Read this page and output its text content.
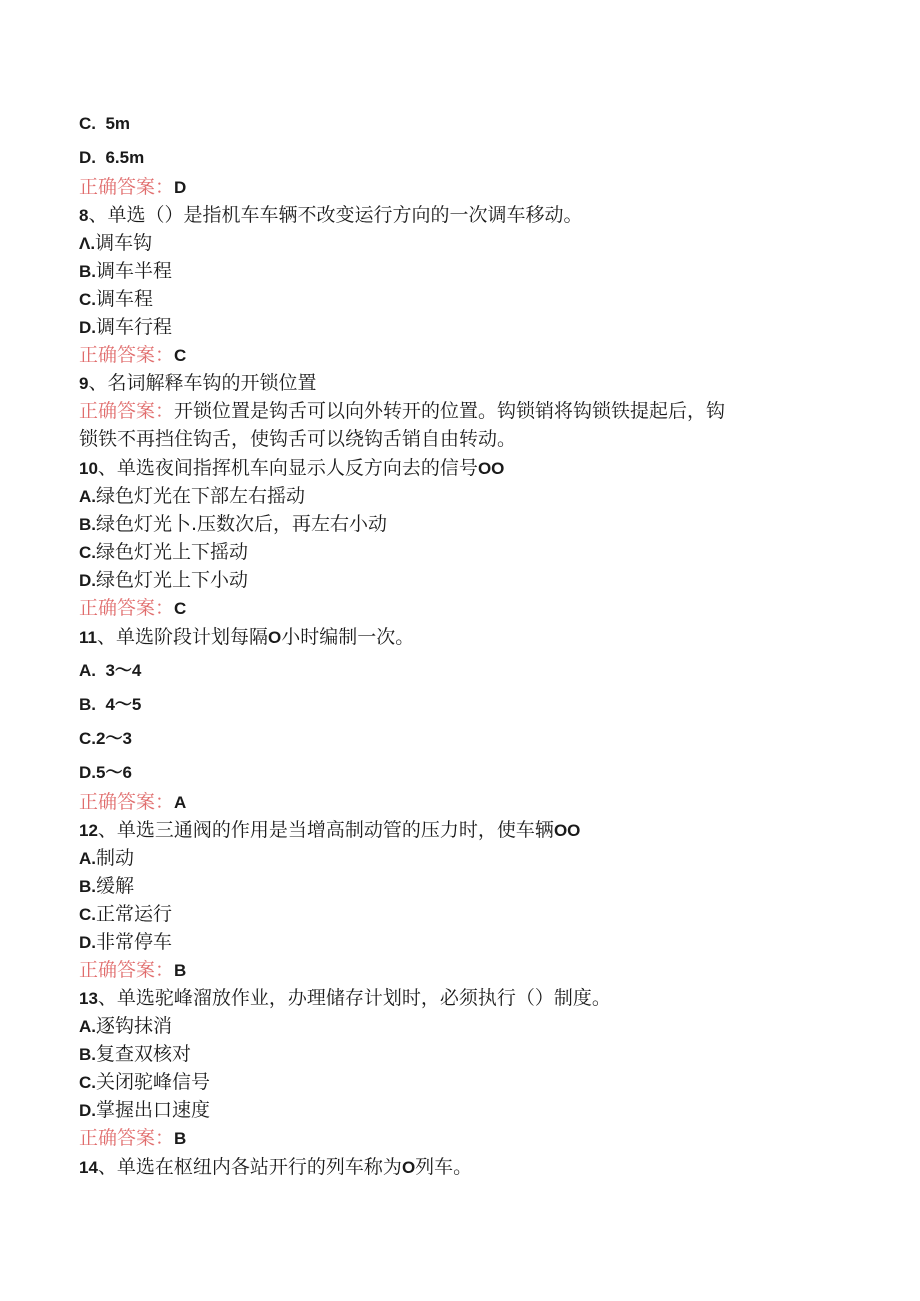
C. 5m
D. 6.5m
正确答案：D
8、单选（）是指机车车辆不改变运行方向的一次调车移动。
Λ.调车钩
B.调车半程
C.调车程
D.调车行程
正确答案：C
9、名词解释车钩的开锁位置
正确答案：开锁位置是钩舌可以向外转开的位置。钩锁销将钩锁铁提起后，钩
锁铁不再挡住钩舌，使钩舌可以绕钩舌销自由转动。
10、单选夜间指挥机车向显示人反方向去的信号OO
A.绿色灯光在下部左右摇动
B.绿色灯光卜.压数次后，再左右小动
C.绿色灯光上下摇动
D.绿色灯光上下小动
正确答案：C
11、单选阶段计划每隔O小时编制一次。
A. 3〜4
B. 4〜5
C.2〜3
D.5〜6
正确答案：A
12、单选三通阀的作用是当增高制动管的压力时，使车辆OO
A.制动
B.缓解
C.正常运行
D.非常停车
正确答案：B
13、单选驼峰溜放作业，办理储存计划时，必须执行（）制度。
A.逐钩抹消
B.复查双核对
C.关闭驼峰信号
D.掌握出口速度
正确答案：B
14、单选在枢纽内各站开行的列车称为O列车。
